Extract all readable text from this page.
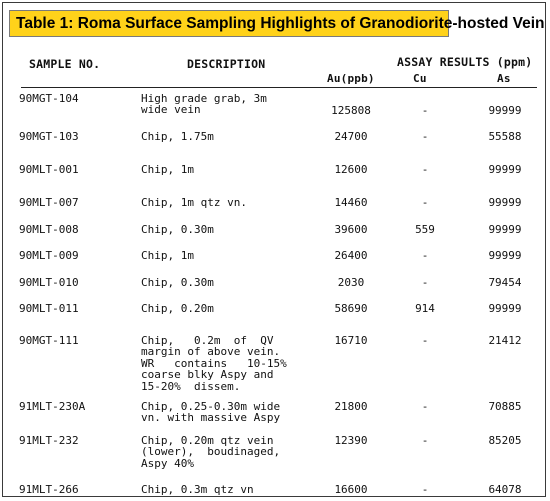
Table 1: Roma Surface Sampling Highlights of Granodiorite-hosted Vein
SAMPLE NO.	DESCRIPTION	ASSAY RESULTS (ppm)
Au(ppb)	Cu	As
90MGT-104	High grade grab, 3m
wide vein	125808	-	99999
90MGT-103	Chip, 1.75m	24700	-	55588
90MLT-001	Chip, 1m	12600	-	99999
90MLT-007	Chip, 1m qtz vn.	14460	-	99999
90MLT-008	Chip, 0.30m	39600	559	99999
90MLT-009	Chip, 1m	26400	-	99999
90MLT-010	Chip, 0.30m	2030	-	79454
90MLT-011	Chip, 0.20m	58690	914	99999
90MGT-111	Chip,   0.2m  of  QV
margin of above vein.
WR   contains   10-15%
coarse blky Aspy and
15-20%  dissem.
16710	-	21412
91MLT-230A	Chip, 0.25-0.30m wide
vn. with massive Aspy
21800	-	70885
91MLT-232	Chip, 0.20m qtz vein
(lower),  boudinaged,
Aspy 40%
12390	-	85205
91MLT-266	Chip, 0.3m qtz vn	16600	-	64078
